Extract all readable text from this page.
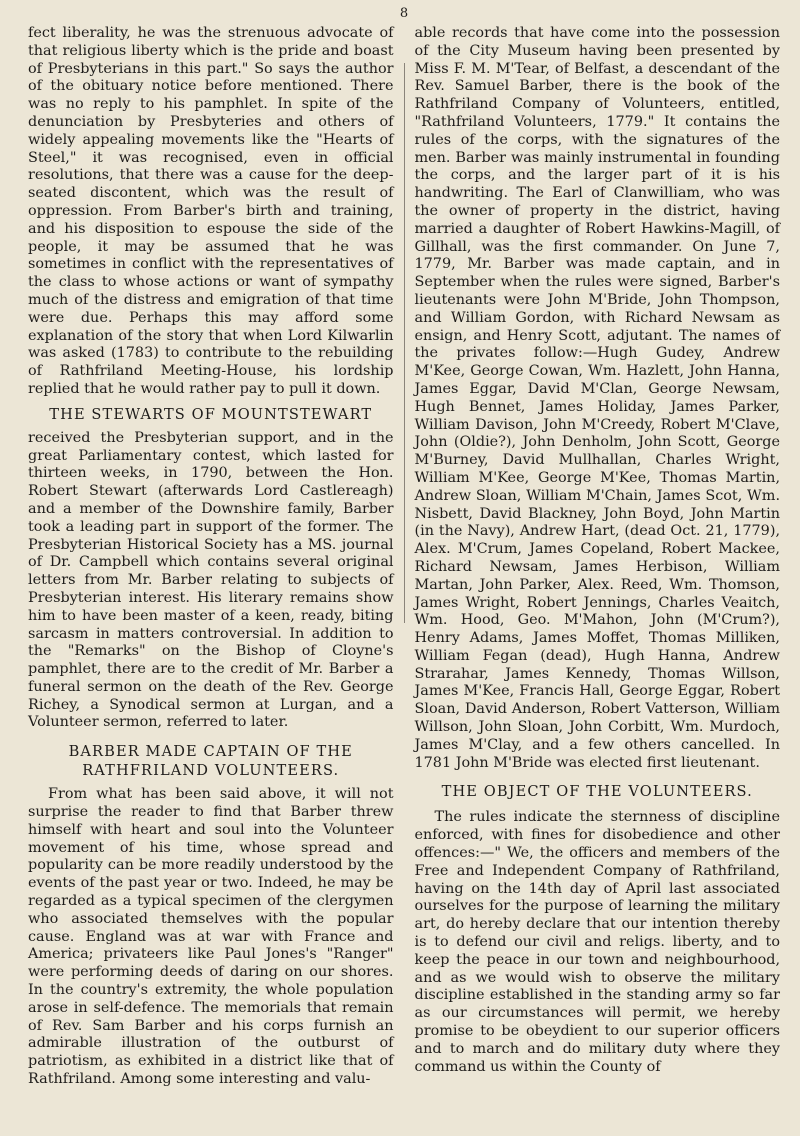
8

fect liberality, he was the strenuous advocate of that religious liberty which is the pride and boast of Presbyterians in this part." So says the author of the obituary notice before mentioned. There was no reply to his pamphlet. In spite of the denunciation by Presbyteries and others of widely appealing movements like the "Hearts of Steel," it was recognised, even in official resolutions, that there was a cause for the deep-seated discontent, which was the result of oppression. From Barber's birth and training, and his disposition to espouse the side of the people, it may be assumed that he was sometimes in conflict with the representatives of the class to whose actions or want of sympathy much of the distress and emigration of that time were due. Perhaps this may afford some explanation of the story that when Lord Kilwarlin was asked (1783) to contribute to the rebuilding of Rathfriland Meeting-House, his lordship replied that he would rather pay to pull it down.

THE STEWARTS OF MOUNTSTEWART

received the Presbyterian support, and in the great Parliamentary contest, which lasted for thirteen weeks, in 1790, between the Hon. Robert Stewart (afterwards Lord Castlereagh) and a member of the Downshire family, Barber took a leading part in support of the former. The Presbyterian Historical Society has a MS. journal of Dr. Campbell which contains several original letters from Mr. Barber relating to subjects of Presbyterian interest. His literary remains show him to have been master of a keen, ready, biting sarcasm in matters controversial. In addition to the "Remarks" on the Bishop of Cloyne's pamphlet, there are to the credit of Mr. Barber a funeral sermon on the death of the Rev. George Richey, a Synodical sermon at Lurgan, and a Volunteer sermon, referred to later.

BARBER MADE CAPTAIN OF THE
RATHFRILAND VOLUNTEERS.

From what has been said above, it will not surprise the reader to find that Barber threw himself with heart and soul into the Volunteer movement of his time, whose spread and popularity can be more readily understood by the events of the past year or two. Indeed, he may be regarded as a typical specimen of the clergymen who associated themselves with the popular cause. England was at war with France and America; privateers like Paul Jones's "Ranger" were performing deeds of daring on our shores. In the country's extremity, the whole population arose in self-defence. The memorials that remain of Rev. Sam Barber and his corps furnish an admirable illustration of the outburst of patriotism, as exhibited in a district like that of Rathfriland. Among some interesting and valu-

able records that have come into the possession of the City Museum having been presented by Miss F. M. M'Tear, of Belfast, a descendant of the Rev. Samuel Barber, there is the book of the Rathfriland Company of Volunteers, entitled, "Rathfriland Volunteers, 1779." It contains the rules of the corps, with the signatures of the men. Barber was mainly instrumental in founding the corps, and the larger part of it is his handwriting. The Earl of Clanwilliam, who was the owner of property in the district, having married a daughter of Robert Hawkins-Magill, of Gillhall, was the first commander. On June 7, 1779, Mr. Barber was made captain, and in September when the rules were signed, Barber's lieutenants were John M'Bride, John Thompson, and William Gordon, with Richard Newsam as ensign, and Henry Scott, adjutant. The names of the privates follow:—Hugh Gudey, Andrew M'Kee, George Cowan, Wm. Hazlett, John Hanna, James Eggar, David M'Clan, George Newsam, Hugh Bennet, James Holiday, James Parker, William Davison, John M'Creedy, Robert M'Clave, John (Oldie?), John Denholm, John Scott, George M'Burney, David Mullhallan, Charles Wright, William M'Kee, George M'Kee, Thomas Martin, Andrew Sloan, William M'Chain, James Scot, Wm. Nisbett, David Blackney, John Boyd, John Martin (in the Navy), Andrew Hart, (dead Oct. 21, 1779), Alex. M'Crum, James Copeland, Robert Mackee, Richard Newsam, James Herbison, William Martan, John Parker, Alex. Reed, Wm. Thomson, James Wright, Robert Jennings, Charles Veaitch, Wm. Hood, Geo. M'Mahon, John (M'Crum?), Henry Adams, James Moffet, Thomas Milliken, William Fegan (dead), Hugh Hanna, Andrew Strarahar, James Kennedy, Thomas Willson, James M'Kee, Francis Hall, George Eggar, Robert Sloan, David Anderson, Robert Vatterson, William Willson, John Sloan, John Corbitt, Wm. Murdoch, James M'Clay, and a few others cancelled. In 1781 John M'Bride was elected first lieutenant.

THE OBJECT OF THE VOLUNTEERS.

The rules indicate the sternness of discipline enforced, with fines for disobedience and other offences:—" We, the officers and members of the Free and Independent Company of Rathfriland, having on the 14th day of April last associated ourselves for the purpose of learning the military art, do hereby declare that our intention thereby is to defend our civil and religs. liberty, and to keep the peace in our town and neighbourhood, and as we would wish to observe the military discipline established in the standing army so far as our circumstances will permit, we hereby promise to be obeydient to our superior officers and to march and do military duty where they command us within the County of
